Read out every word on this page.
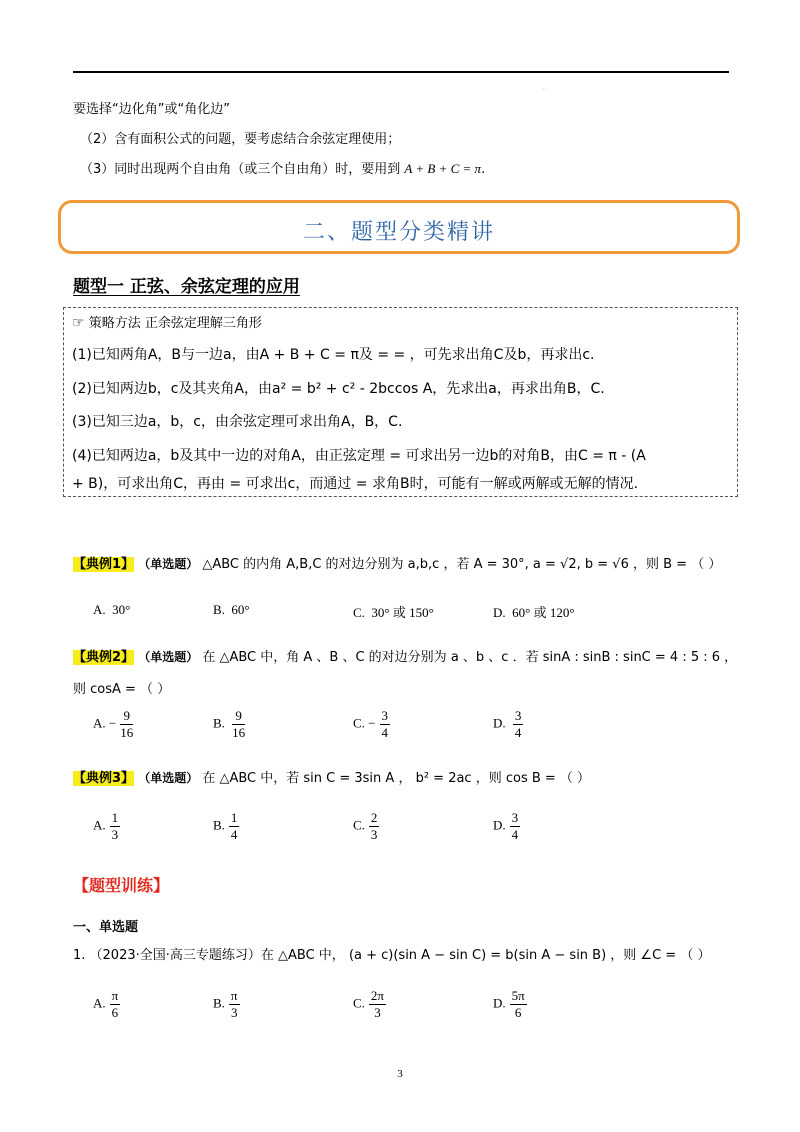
·
要选择“边化角”或“角化边”
（2）含有面积公式的问题，要考虑结合余弦定理使用；
（3）同时出现两个自由角（或三个自由角）时，要用到 A + B + C = π.
二、题型分类精讲
题型一 正弦、余弦定理的应用
☞ 策略方法 正余弦定理解三角形
(1)已知两角A，B与一边a，由A + B + C = π及 = = ，可先求出角C及b，再求出c.
(2)已知两边b，c及其夹角A，由a² = b² + c² - 2bccos A，先求出a，再求出角B，C.
(3)已知三边a，b，c，由余弦定理可求出角A，B，C.
(4)已知两边a，b及其中一边的对角A，由正弦定理 = 可求出另一边b的对角B，由C = π - (A
+ B)，可求出角C，再由 = 可求出c，而通过 = 求角B时，可能有一解或两解或无解的情况.
【典例1】 （单选题） △ABC 的内角 A,B,C 的对边分别为 a,b,c ，若 A = 30°, a = √2, b = √6 ，则 B = （ ）
A. 30°	B. 60°	C. 30° 或 150°	D. 60° 或 120°
【典例2】 （单选题） 在 △ABC 中，角 A 、B 、C 的对边分别为 a 、b 、c ．若 sinA : sinB : sinC = 4 : 5 : 6 ，
则 cosA = （ ）
A. − $\frac{9}{16}$	B. $\frac{9}{16}$	C. − $\frac{3}{4}$	D. $\frac{3}{4}$
【典例3】 （单选题） 在 △ABC 中，若 sin C = 3sin A ， b² = 2ac ，则 cos B = （ ）
A. $\frac{1}{3}$	B. $\frac{1}{4}$	C. $\frac{2}{3}$	D. $\frac{3}{4}$
【题型训练】
一、单选题
1. （2023·全国·高三专题练习）在 △ABC 中， (a + c)(sin A − sin C) = b(sin A − sin B) ，则 ∠C = （ ）
A. $\frac{\pi}{6}$	B. $\frac{\pi}{3}$	C. $\frac{2\pi}{3}$	D. $\frac{5\pi}{6}$
3
